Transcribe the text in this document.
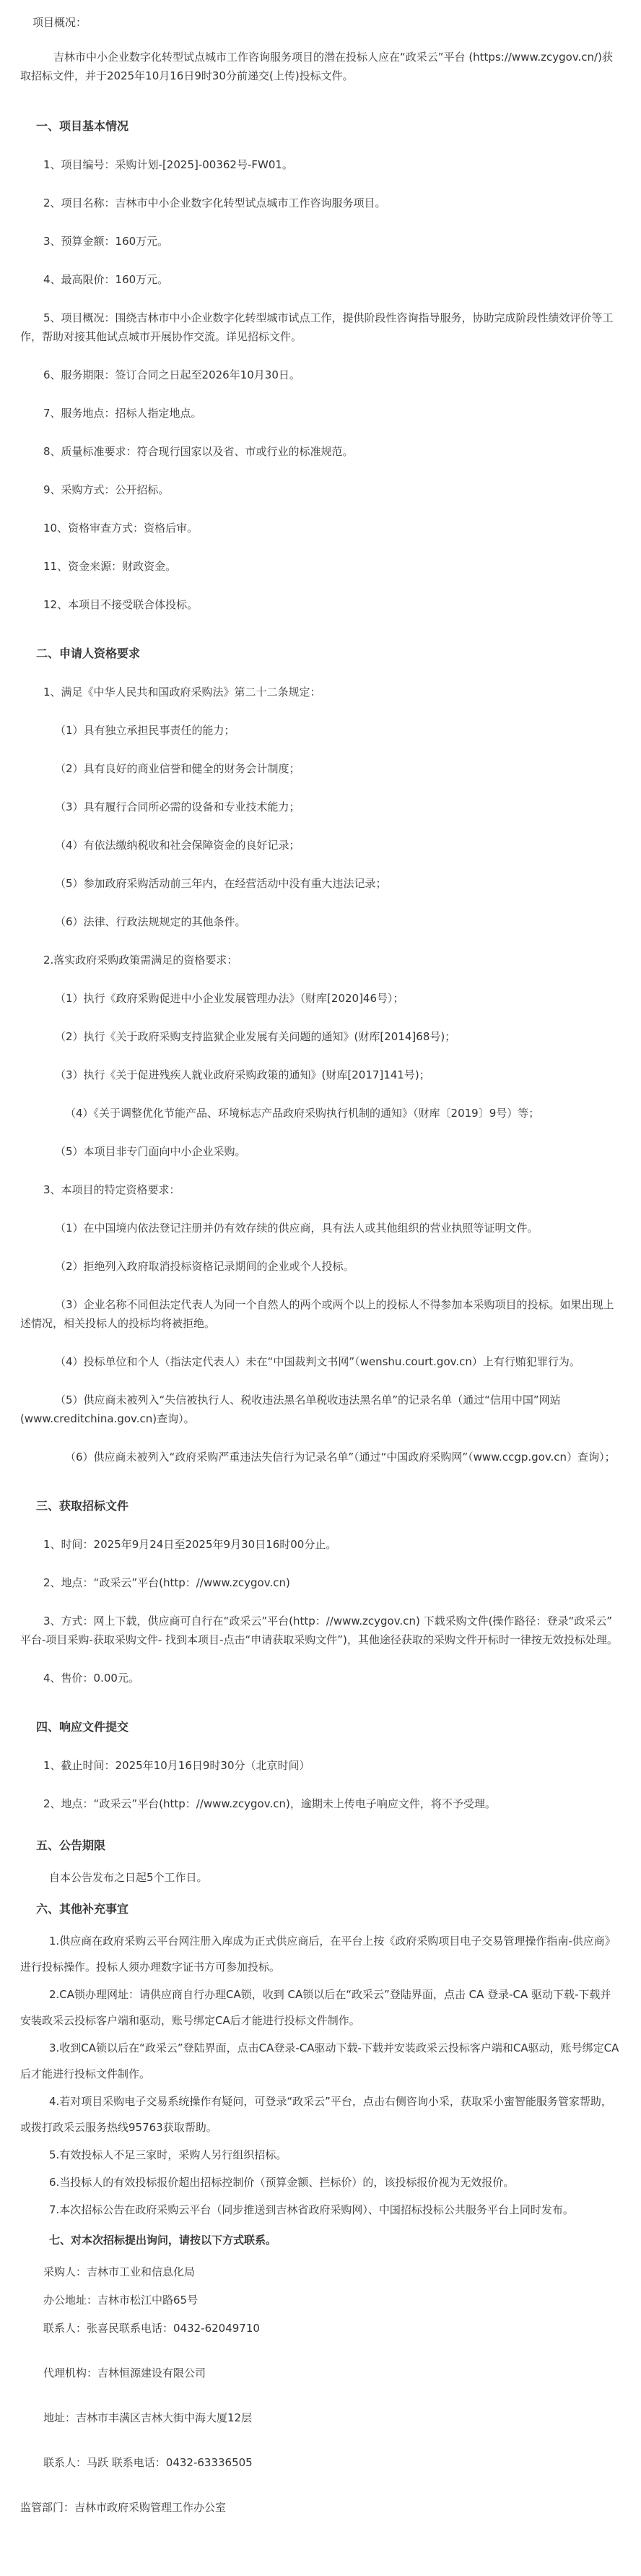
项目概况：

吉林市中小企业数字化转型试点城市工作咨询服务项目的潜在投标人应在“政采云”平台 (https://www.zcygov.cn/)获取招标文件，并于2025年10月16日9时30分前递交(上传)投标文件。

一、项目基本情况

1、项目编号：采购计划-[2025]-00362号-FW01。

2、项目名称：吉林市中小企业数字化转型试点城市工作咨询服务项目。

3、预算金额：160万元。

4、最高限价：160万元。

5、项目概况：围绕吉林市中小企业数字化转型城市试点工作，提供阶段性咨询指导服务，协助完成阶段性绩效评价等工作，帮助对接其他试点城市开展协作交流。详见招标文件。

6、服务期限：签订合同之日起至2026年10月30日。

7、服务地点：招标人指定地点。

8、质量标准要求：符合现行国家以及省、市或行业的标准规范。

9、采购方式：公开招标。

10、资格审查方式：资格后审。

11、资金来源：财政资金。

12、本项目不接受联合体投标。

二、申请人资格要求

1、满足《中华人民共和国政府采购法》第二十二条规定：

（1）具有独立承担民事责任的能力；

（2）具有良好的商业信誉和健全的财务会计制度；

（3）具有履行合同所必需的设备和专业技术能力；

（4）有依法缴纳税收和社会保障资金的良好记录；

（5）参加政府采购活动前三年内，在经营活动中没有重大违法记录；

（6）法律、行政法规规定的其他条件。

2.落实政府采购政策需满足的资格要求：

（1）执行《政府采购促进中小企业发展管理办法》（财库[2020]46号）；

（2）执行《关于政府采购支持监狱企业发展有关问题的通知》(财库[2014]68号)；

（3）执行《关于促进残疾人就业政府采购政策的通知》(财库[2017]141号)；

（4）《关于调整优化节能产品、环境标志产品政府采购执行机制的通知》（财库〔2019〕9号）等；

（5）本项目非专门面向中小企业采购。

3、本项目的特定资格要求：

（1）在中国境内依法登记注册并仍有效存续的供应商，具有法人或其他组织的营业执照等证明文件。

（2）拒绝列入政府取消投标资格记录期间的企业或个人投标。

（3）企业名称不同但法定代表人为同一个自然人的两个或两个以上的投标人不得参加本采购项目的投标。如果出现上述情况，相关投标人的投标均将被拒绝。

（4）投标单位和个人（指法定代表人）未在“中国裁判文书网”（wenshu.court.gov.cn）上有行贿犯罪行为。

（5）供应商未被列入“失信被执行人、税收违法黑名单税收违法黑名单”的记录名单（通过“信用中国”网站(www.creditchina.gov.cn)查询）。

（6）供应商未被列入“政府采购严重违法失信行为记录名单”（通过“中国政府采购网”（www.ccgp.gov.cn）查询）；

三、获取招标文件

1、时间：2025年9月24日至2025年9月30日16时00分止。

2、地点：“政采云”平台(http：//www.zcygov.cn)

3、方式：网上下载，供应商可自行在“政采云”平台(http：//www.zcygov.cn) 下载采购文件(操作路径：登录“政采云”平台-项目采购-获取采购文件- 找到本项目-点击“申请获取采购文件”)，其他途径获取的采购文件开标时一律按无效投标处理。

4、售价：0.00元。

四、响应文件提交

1、截止时间：2025年10月16日9时30分（北京时间）

2、地点：“政采云”平台(http：//www.zcygov.cn)，逾期未上传电子响应文件，将不予受理。

五、公告期限

自本公告发布之日起5个工作日。

六、其他补充事宜

1.供应商在政府采购云平台网注册入库成为正式供应商后，在平台上按《政府采购项目电子交易管理操作指南-供应商》进行投标操作。投标人须办理数字证书方可参加投标。

2.CA锁办理网址：请供应商自行办理CA锁，收到 CA锁以后在“政采云”登陆界面，点击 CA 登录-CA 驱动下载-下载并安装政采云投标客户端和驱动，账号绑定CA后才能进行投标文件制作。

3.收到CA锁以后在“政采云”登陆界面，点击CA登录-CA驱动下载-下载并安装政采云投标客户端和CA驱动，账号绑定CA后才能进行投标文件制作。

4.若对项目采购电子交易系统操作有疑问，可登录“政采云”平台，点击右侧咨询小采，获取采小蜜智能服务管家帮助，或拨打政采云服务热线95763获取帮助。

5.有效投标人不足三家时，采购人另行组织招标。

6.当投标人的有效投标报价超出招标控制价（预算金额、拦标价）的，该投标报价视为无效报价。

7.本次招标公告在政府采购云平台（同步推送到吉林省政府采购网）、中国招标投标公共服务平台上同时发布。

七、对本次招标提出询问，请按以下方式联系。

采购人：吉林市工业和信息化局

办公地址：吉林市松江中路65号

联系人：张喜民联系电话：0432-62049710

代理机构：吉林恒源建设有限公司

地址：吉林市丰满区吉林大街中海大厦12层

联系人：马跃 联系电话：0432-63336505

监管部门：吉林市政府采购管理工作办公室
